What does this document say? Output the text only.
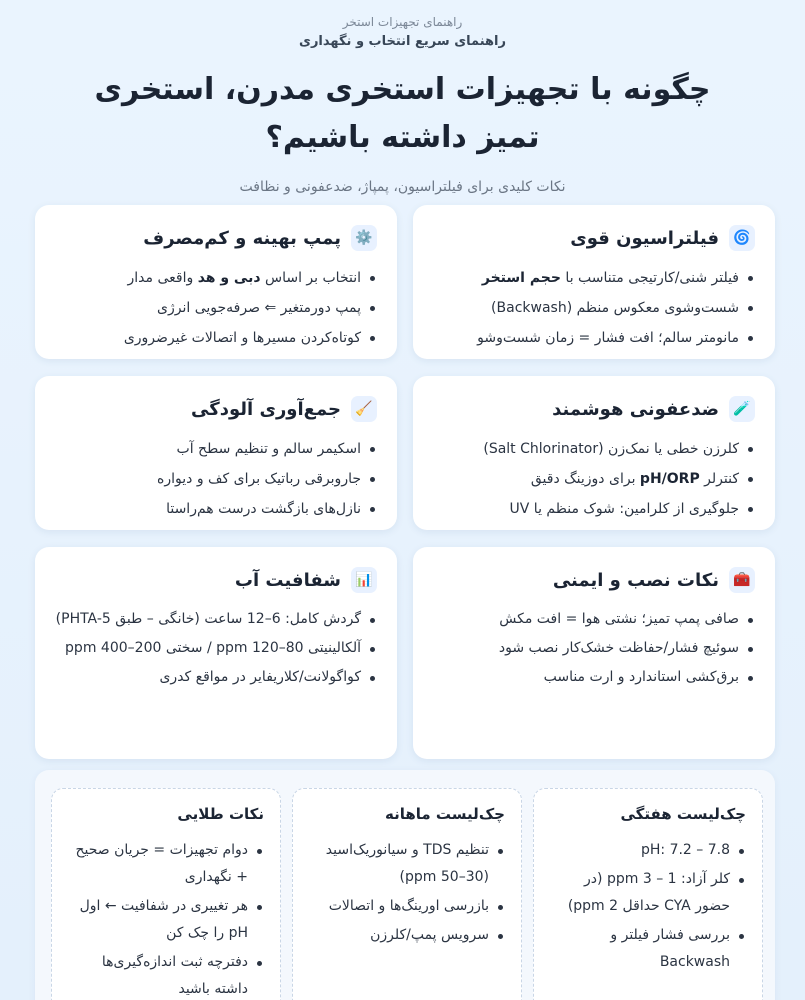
راهنمای تجهیزات استخر
راهنمای سریع انتخاب و نگهداری
چگونه با تجهیزات استخری مدرن، استخری تمیز داشته باشیم؟

نکات کلیدی برای فیلتراسیون، پمپاژ، ضدعفونی و نظافت

🌀
فیلتراسیون قوی
فیلتر شنی/کارتیجی متناسب با حجم استخر
شست‌وشوی معکوس منظم (Backwash)
مانومتر سالم؛ افت فشار = زمان شست‌وشو
⚙️
پمپ بهینه و کم‌مصرف
انتخاب بر اساس دبی و هد واقعی مدار
پمپ دورمتغیر ⇐ صرفه‌جویی انرژی
کوتاه‌کردن مسیرها و اتصالات غیرضروری
🧪
ضدعفونی هوشمند
کلرزن خطی یا نمک‌زن (Salt Chlorinator)
کنترلر pH/ORP برای دوزینگ دقیق
جلوگیری از کلرامین: شوک منظم یا UV
🧹
جمع‌آوری آلودگی
اسکیمر سالم و تنظیم سطح آب
جاروبرقی رباتیک برای کف و دیواره
نازل‌های بازگشت درست هم‌راستا
🧰
نکات نصب و ایمنی
صافی پمپ تمیز؛ نشتی هوا = افت مکش
سوئیچ فشار/حفاظت خشک‌کار نصب شود
برق‌کشی استاندارد و ارت مناسب
📊
شفافیت آب
گردش کامل: 6–12 ساعت (خانگی – طبق PHTA-5)
آلکالینیتی 80–120 ppm / سختی 200–400 ppm
کواگولانت/کلاریفایر در مواقع کدری
چک‌لیست هفتگی
pH: 7.2 – 7.8
کلر آزاد: 1 – 3 ppm (در حضور CYA حداقل 2 ppm)
بررسی فشار فیلتر و Backwash
چک‌لیست ماهانه
تنظیم TDS و سیانوریک‌اسید (30–50 ppm)
بازرسی اورینگ‌ها و اتصالات
سرویس پمپ/کلرزن
نکات طلایی
دوام تجهیزات = جریان صحیح + نگهداری
هر تغییری در شفافیت ← اول pH را چک کن
دفترچه ثبت اندازه‌گیری‌ها داشته باشید
